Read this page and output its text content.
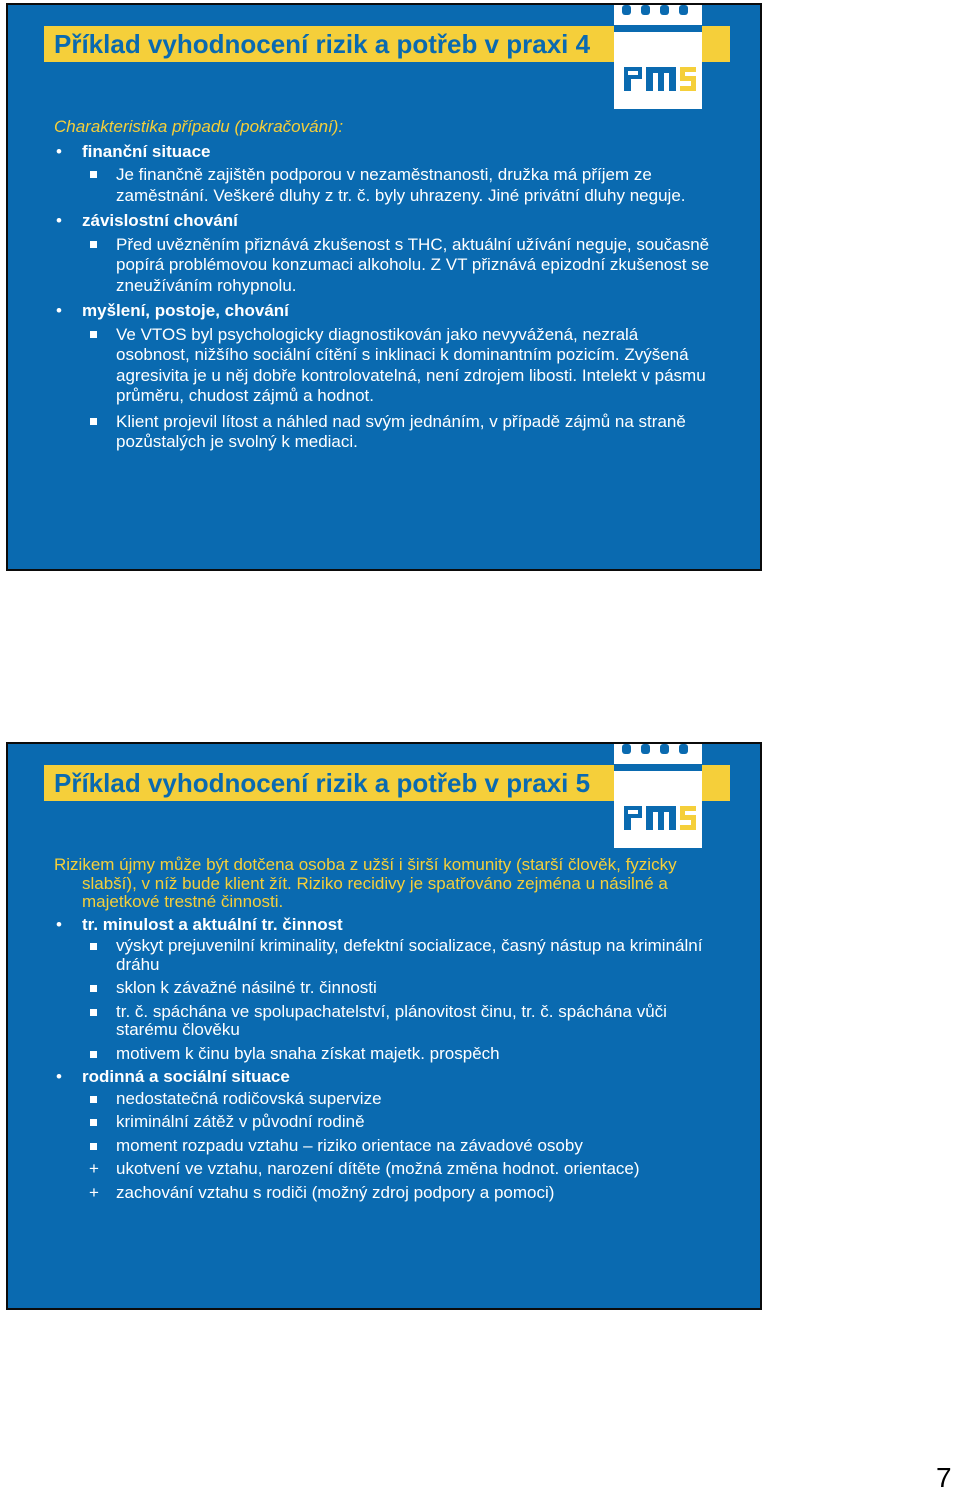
Příklad vyhodnocení rizik a potřeb v praxi 4

Charakteristika případu (pokračování):

• finanční situace
Je finančně zajištěn podporou v nezaměstnanosti, družka má příjem ze zaměstnání. Veškeré dluhy z tr. č. byly uhrazeny. Jiné privátní dluhy neguje.
• závislostní chování
Před uvězněním přiznává zkušenost s THC, aktuální užívání neguje, současně popírá problémovou konzumaci alkoholu. Z VT přiznává epizodní zkušenost se zneužíváním rohypnolu.
• myšlení, postoje, chování
Ve VTOS byl psychologicky diagnostikován jako nevyvážená, nezralá osobnost, nižšího sociální cítění s inklinaci k dominantním pozicím. Zvýšená agresivita je u něj dobře kontrolovatelná, není zdrojem libosti. Intelekt v pásmu průměru, chudost zájmů a hodnot.
Klient projevil lítost a náhled nad svým jednáním, v případě zájmů na straně pozůstalých je svolný k mediaci.
Příklad vyhodnocení rizik a potřeb v praxi 5

Rizikem újmy může být dotčena osoba z užší i širší komunity (starší člověk, fyzicky slabší), v níž bude klient žít. Riziko recidivy je spatřováno zejména u násilné a majetkové trestné činnosti.

• tr. minulost a aktuální tr. činnost
výskyt prejuvenilní kriminality, defektní socializace, časný nástup na kriminální dráhu
sklon k závažné násilné tr. činnosti
tr. č. spáchána ve spolupachatelství, plánovitost činu, tr. č. spáchána vůči starému člověku
motivem k činu byla snaha získat majetk. prospěch
• rodinná a sociální situace
nedostatečná rodičovská supervize
kriminální zátěž v původní rodině
moment rozpadu vztahu – riziko orientace na závadové osoby
+ ukotvení ve vztahu, narození dítěte (možná změna hodnot. orientace)
+ zachování vztahu s rodiči (možný zdroj podpory a pomoci)
7
